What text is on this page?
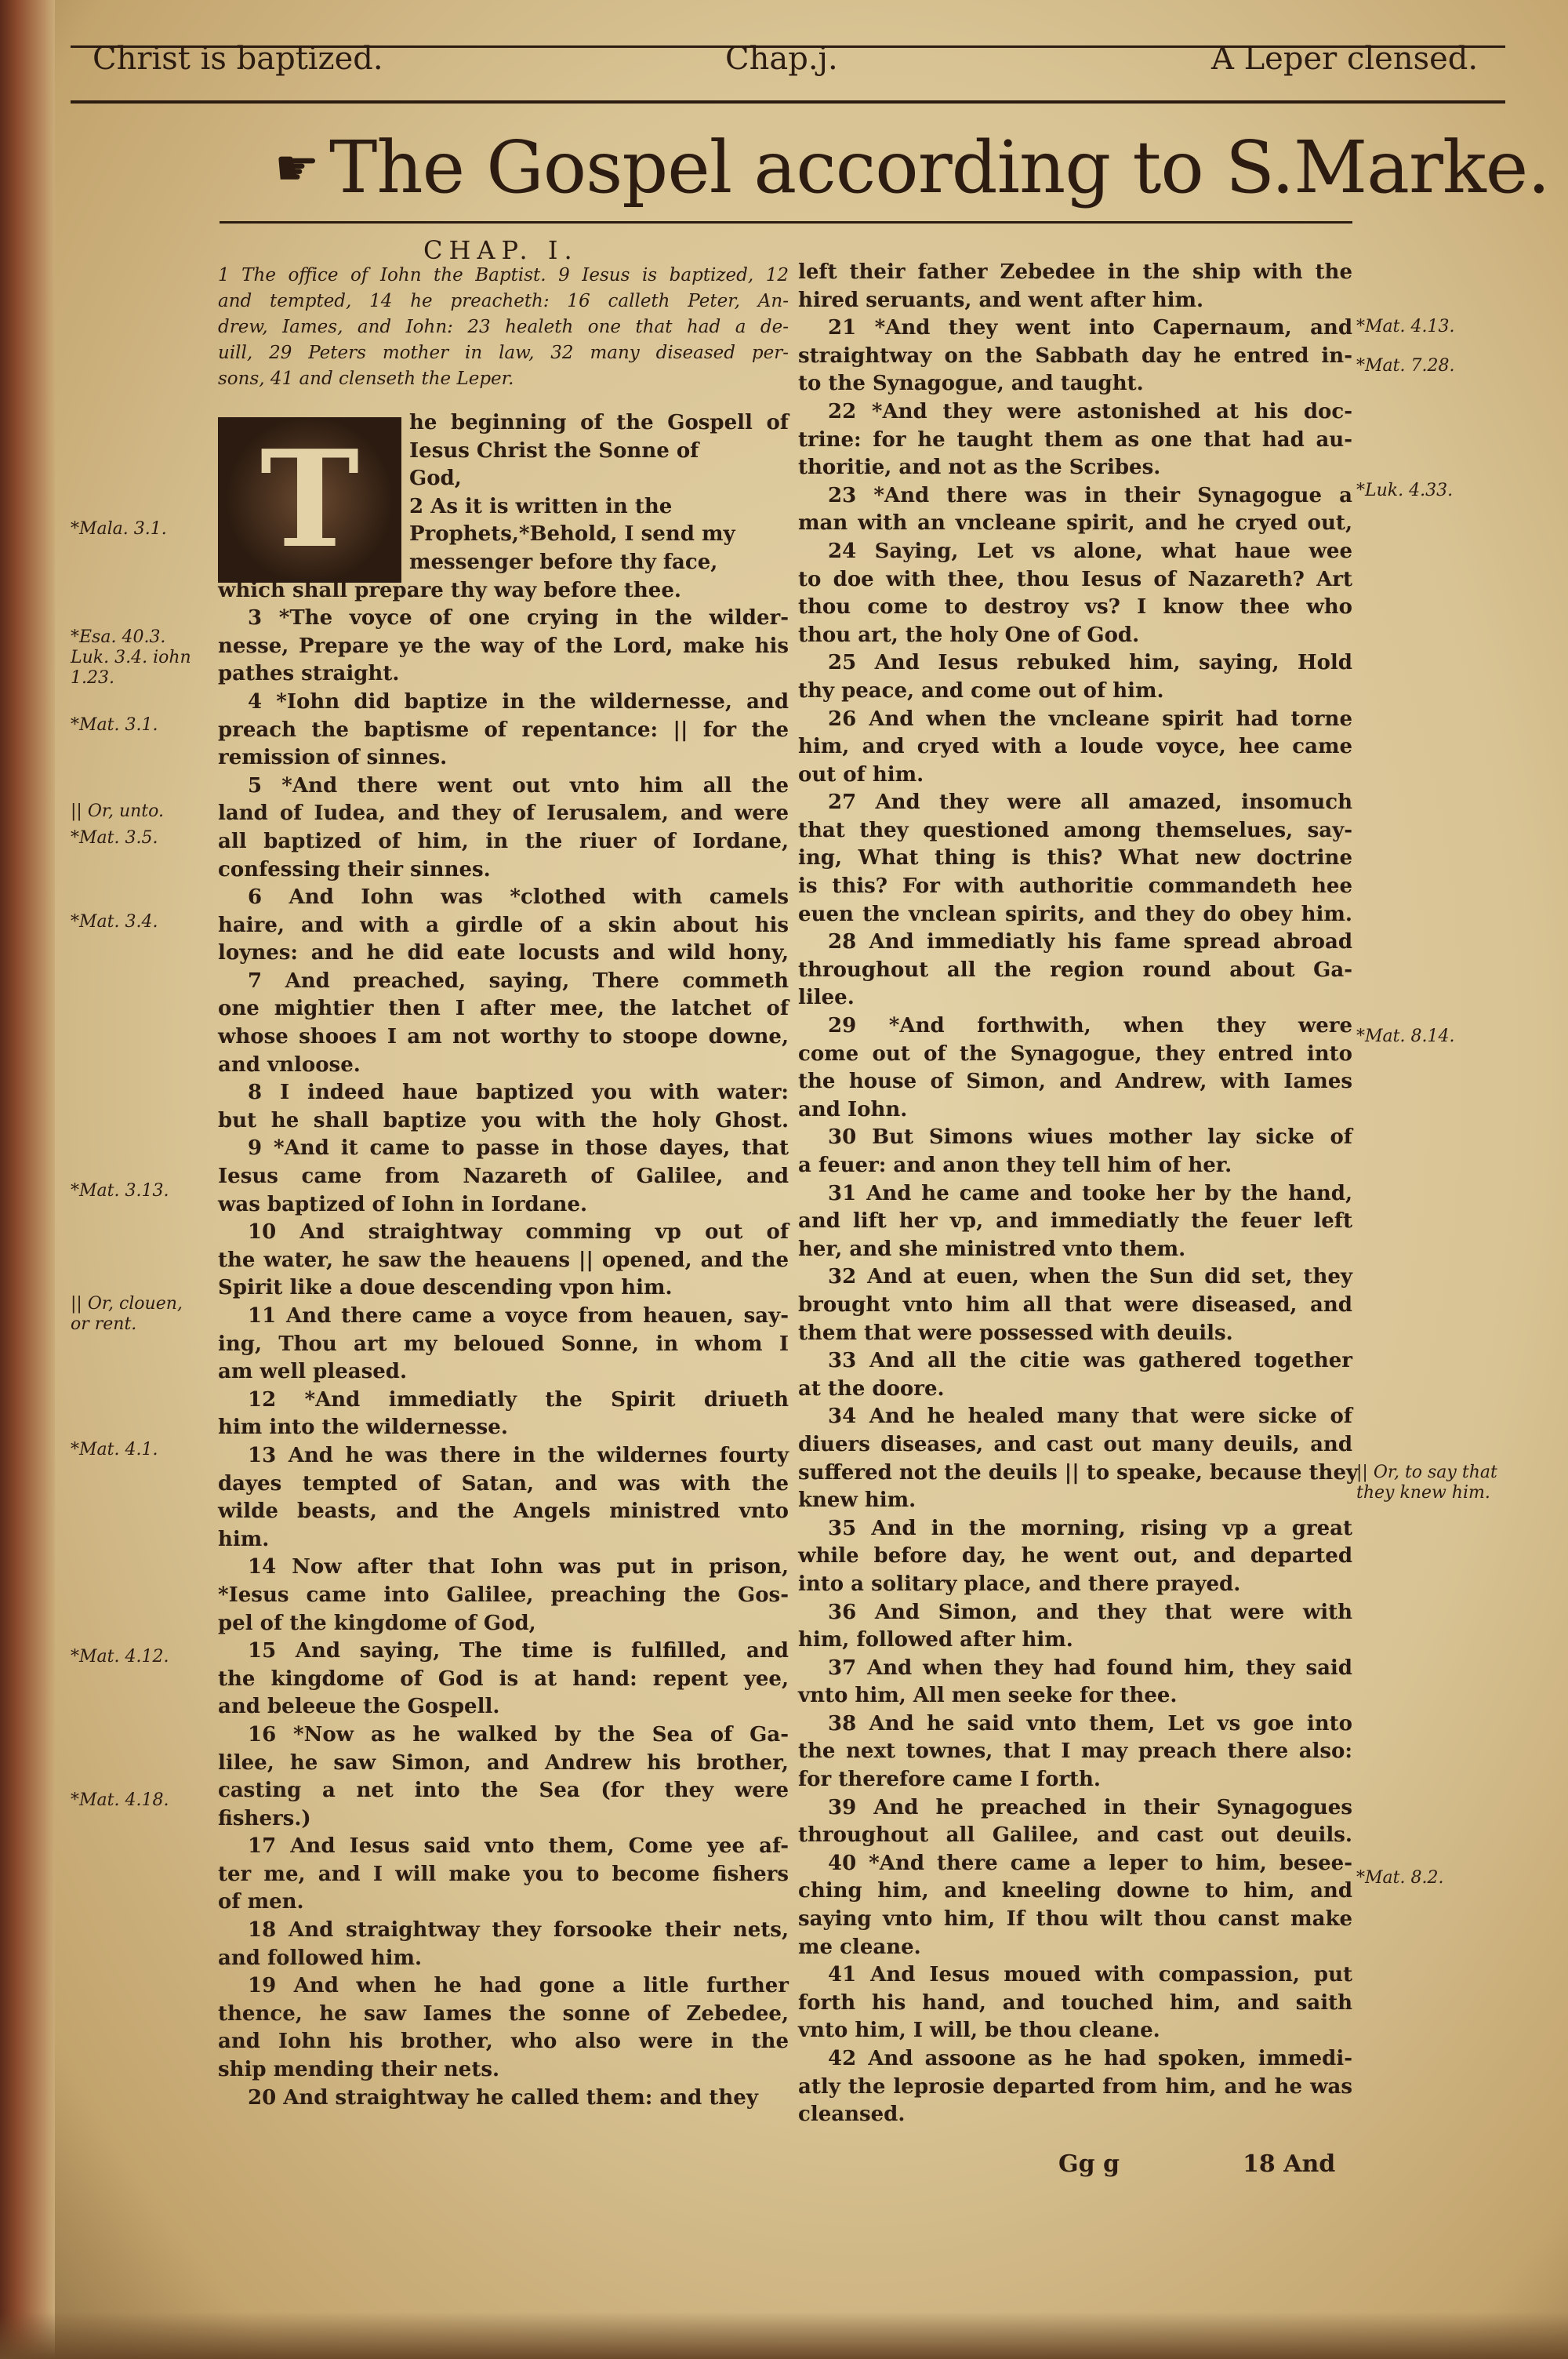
Christ is baptized.	Chap.j.	A Leper clensed.
☛ The Gospel according to S.Marke.
CHAP. I.
1 The office of Iohn the Baptist. 9 Iesus is baptized, 12
and tempted, 14 he preacheth: 16 calleth Peter, An-
drew, Iames, and Iohn: 23 healeth one that had a de-
uill, 29 Peters mother in law, 32 many diseased per-
sons, 41 and clenseth the Leper.
T	he beginning of the Gospell of
Iesus Christ the Sonne of
God,
2 As it is written in the
Prophets,*Behold, I send my
messenger before thy face,
which shall prepare thy way before thee.
3 *The voyce of one crying in the wilder-
nesse, Prepare ye the way of the Lord, make his
pathes straight.
4 *Iohn did baptize in the wildernesse, and
preach the baptisme of repentance: || for the
remission of sinnes.
5 *And there went out vnto him all the
land of Iudea, and they of Ierusalem, and were
all baptized of him, in the riuer of Iordane,
confessing their sinnes.
6 And Iohn was *clothed with camels
haire, and with a girdle of a skin about his
loynes: and he did eate locusts and wild hony,
7 And preached, saying, There commeth
one mightier then I after mee, the latchet of
whose shooes I am not worthy to stoope downe,
and vnloose.
8 I indeed haue baptized you with water:
but he shall baptize you with the holy Ghost.
9 *And it came to passe in those dayes, that
Iesus came from Nazareth of Galilee, and
was baptized of Iohn in Iordane.
10 And straightway comming vp out of
the water, he saw the heauens || opened, and the
Spirit like a doue descending vpon him.
11 And there came a voyce from heauen, say-
ing, Thou art my beloued Sonne, in whom I
am well pleased.
12 *And immediatly the Spirit driueth
him into the wildernesse.
13 And he was there in the wildernes fourty
dayes tempted of Satan, and was with the
wilde beasts, and the Angels ministred vnto
him.
14 Now after that Iohn was put in prison,
*Iesus came into Galilee, preaching the Gos-
pel of the kingdome of God,
15 And saying, The time is fulfilled, and
the kingdome of God is at hand: repent yee,
and beleeue the Gospell.
16 *Now as he walked by the Sea of Ga-
lilee, he saw Simon, and Andrew his brother,
casting a net into the Sea (for they were
fishers.)
17 And Iesus said vnto them, Come yee af-
ter me, and I will make you to become fishers
of men.
18 And straightway they forsooke their nets,
and followed him.
19 And when he had gone a litle further
thence, he saw Iames the sonne of Zebedee,
and Iohn his brother, who also were in the
ship mending their nets.
20 And straightway he called them: and they
left their father Zebedee in the ship with the
hired seruants, and went after him.
21 *And they went into Capernaum, and
straightway on the Sabbath day he entred in-
to the Synagogue, and taught.
22 *And they were astonished at his doc-
trine: for he taught them as one that had au-
thoritie, and not as the Scribes.
23 *And there was in their Synagogue a
man with an vncleane spirit, and he cryed out,
24 Saying, Let vs alone, what haue wee
to doe with thee, thou Iesus of Nazareth? Art
thou come to destroy vs? I know thee who
thou art, the holy One of God.
25 And Iesus rebuked him, saying, Hold
thy peace, and come out of him.
26 And when the vncleane spirit had torne
him, and cryed with a loude voyce, hee came
out of him.
27 And they were all amazed, insomuch
that they questioned among themselues, say-
ing, What thing is this? What new doctrine
is this? For with authoritie commandeth hee
euen the vnclean spirits, and they do obey him.
28 And immediatly his fame spread abroad
throughout all the region round about Ga-
lilee.
29 *And forthwith, when they were
come out of the Synagogue, they entred into
the house of Simon, and Andrew, with Iames
and Iohn.
30 But Simons wiues mother lay sicke of
a feuer: and anon they tell him of her.
31 And he came and tooke her by the hand,
and lift her vp, and immediatly the feuer left
her, and she ministred vnto them.
32 And at euen, when the Sun did set, they
brought vnto him all that were diseased, and
them that were possessed with deuils.
33 And all the citie was gathered together
at the doore.
34 And he healed many that were sicke of
diuers diseases, and cast out many deuils, and
suffered not the deuils || to speake, because they
knew him.
35 And in the morning, rising vp a great
while before day, he went out, and departed
into a solitary place, and there prayed.
36 And Simon, and they that were with
him, followed after him.
37 And when they had found him, they said
vnto him, All men seeke for thee.
38 And he said vnto them, Let vs goe into
the next townes, that I may preach there also:
for therefore came I forth.
39 And he preached in their Synagogues
throughout all Galilee, and cast out deuils.
40 *And there came a leper to him, besee-
ching him, and kneeling downe to him, and
saying vnto him, If thou wilt thou canst make
me cleane.
41 And Iesus moued with compassion, put
forth his hand, and touched him, and saith
vnto him, I will, be thou cleane.
42 And assoone as he had spoken, immedi-
atly the leprosie departed from him, and he was
cleansed.
*Mala. 3.1.
*Esa. 40.3. Luk. 3.4. iohn 1.23.
*Mat. 3.1.
|| Or, unto.
*Mat. 3.5.
*Mat. 3.4.
*Mat. 3.13.
|| Or, clouen, or rent.
*Mat. 4.1.
*Mat. 4.12.
*Mat. 4.18.
*Mat. 4.13.
*Mat. 7.28.
*Luk. 4.33.
*Mat. 8.14.
|| Or, to say that they knew him.
*Mat. 8.2.
Gg g	18 And
